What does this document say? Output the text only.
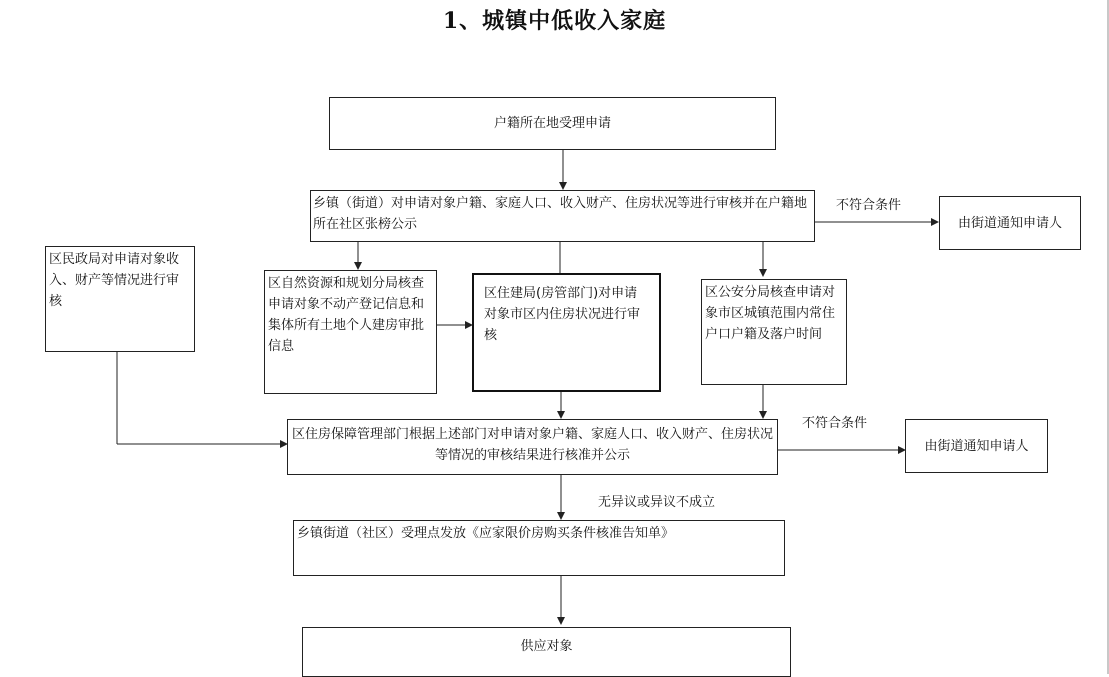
1、城镇中低收入家庭
户籍所在地受理申请
乡镇（街道）对申请对象户籍、家庭人口、收入财产、住房状况等进行审核并在户籍地所在社区张榜公示
不符合条件
由街道通知申请人
区民政局对申请对象收入、财产等情况进行审核
区自然资源和规划分局核查申请对象不动产登记信息和集体所有土地个人建房审批信息
区住建局(房管部门)对申请对象市区内住房状况进行审核
区公安分局核查申请对象市区城镇范围内常住户口户籍及落户时间
区住房保障管理部门根据上述部门对申请对象户籍、家庭人口、收入财产、住房状况等情况的审核结果进行核准并公示
不符合条件
由街道通知申请人
无异议或异议不成立
乡镇街道（社区）受理点发放《应家限价房购买条件核准告知单》
供应对象
